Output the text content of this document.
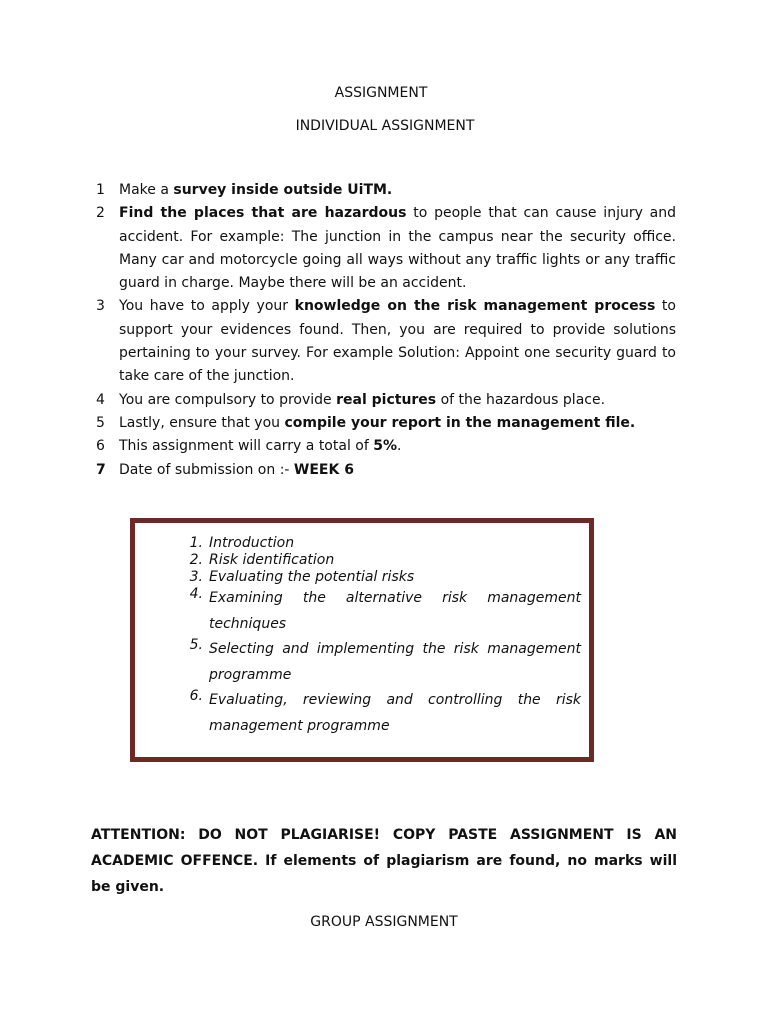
ASSIGNMENT
INDIVIDUAL ASSIGNMENT
1	Make a survey inside outside UiTM.
2	Find the places that are hazardous to people that can cause injury and accident. For example: The junction in the campus near the security office. Many car and motorcycle going all ways without any traffic lights or any traffic guard in charge. Maybe there will be an accident.
3	You have to apply your knowledge on the risk management process to support your evidences found. Then, you are required to provide solutions pertaining to your survey. For example Solution: Appoint one security guard to take care of the junction.
4	You are compulsory to provide real pictures of the hazardous place.
5	Lastly, ensure that you compile your report in the management file.
6	This assignment will carry a total of 5%.
7 Date of submission on :- WEEK 6
1. Introduction
2. Risk identification
3. Evaluating the potential risks
4. Examining the alternative risk management techniques
5. Selecting and implementing the risk management programme
6. Evaluating, reviewing and controlling the risk management programme
ATTENTION: DO NOT PLAGIARISE! COPY PASTE ASSIGNMENT IS AN ACADEMIC OFFENCE. If elements of plagiarism are found, no marks will be given.
GROUP ASSIGNMENT
